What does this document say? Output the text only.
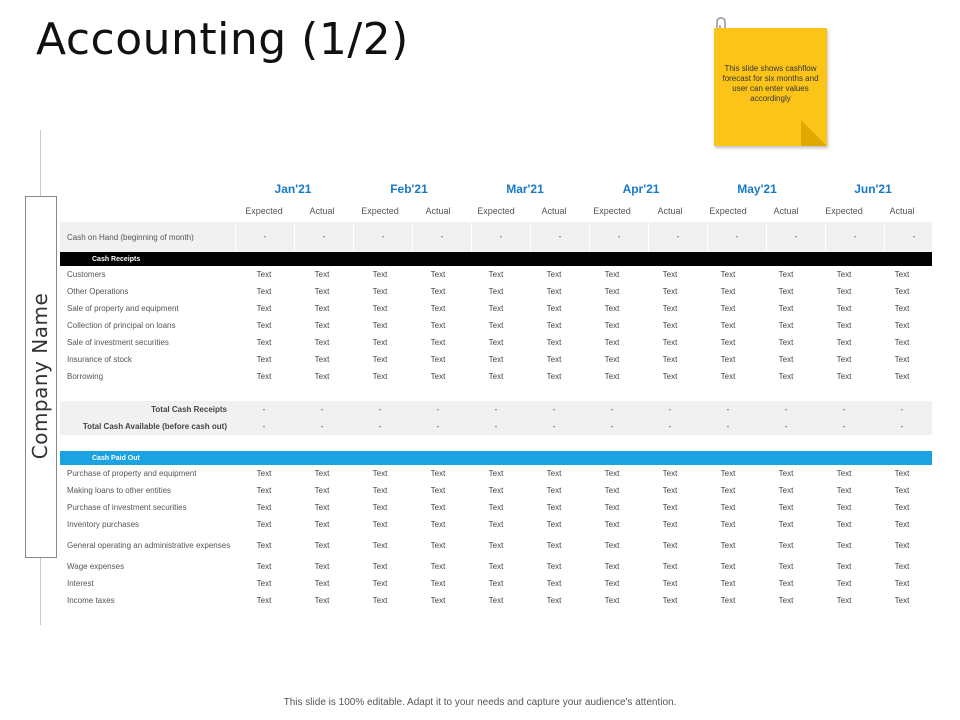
Accounting (1/2)
This slide shows cashflow forecast for six months and user can enter values accordingly
Company Name
Jan'21	Feb'21	Mar'21	Apr'21	May'21	Jun'21
Expected	Actual	Expected	Actual	Expected	Actual	Expected	Actual	Expected	Actual	Expected	Actual
Cash on Hand (beginning of month)	-	-	-	-	-	-	-	-	-	-	-	-
Cash Receipts
Customers	Text	Text	Text	Text	Text	Text	Text	Text	Text	Text	Text	Text
Other Operations	Text	Text	Text	Text	Text	Text	Text	Text	Text	Text	Text	Text
Sale of property and equipment	Text	Text	Text	Text	Text	Text	Text	Text	Text	Text	Text	Text
Collection of principal on loans	Text	Text	Text	Text	Text	Text	Text	Text	Text	Text	Text	Text
Sale of investment securities	Text	Text	Text	Text	Text	Text	Text	Text	Text	Text	Text	Text
Insurance of stock	Text	Text	Text	Text	Text	Text	Text	Text	Text	Text	Text	Text
Borrowing	Text	Text	Text	Text	Text	Text	Text	Text	Text	Text	Text	Text
Total Cash Receipts	-	-	-	-	-	-	-	-	-	-	-	-
Total Cash Available (before cash out)	-	-	-	-	-	-	-	-	-	-	-	-
Cash Paid Out
Purchase of property and equipment	Text	Text	Text	Text	Text	Text	Text	Text	Text	Text	Text	Text
Making loans to other entities	Text	Text	Text	Text	Text	Text	Text	Text	Text	Text	Text	Text
Purchase of investment securities	Text	Text	Text	Text	Text	Text	Text	Text	Text	Text	Text	Text
Inventory purchases	Text	Text	Text	Text	Text	Text	Text	Text	Text	Text	Text	Text
General operating an administrative expenses	Text	Text	Text	Text	Text	Text	Text	Text	Text	Text	Text	Text
Wage expenses	Text	Text	Text	Text	Text	Text	Text	Text	Text	Text	Text	Text
Interest	Text	Text	Text	Text	Text	Text	Text	Text	Text	Text	Text	Text
Income taxes	Text	Text	Text	Text	Text	Text	Text	Text	Text	Text	Text	Text
This slide is 100% editable. Adapt it to your needs and capture your audience's attention.
